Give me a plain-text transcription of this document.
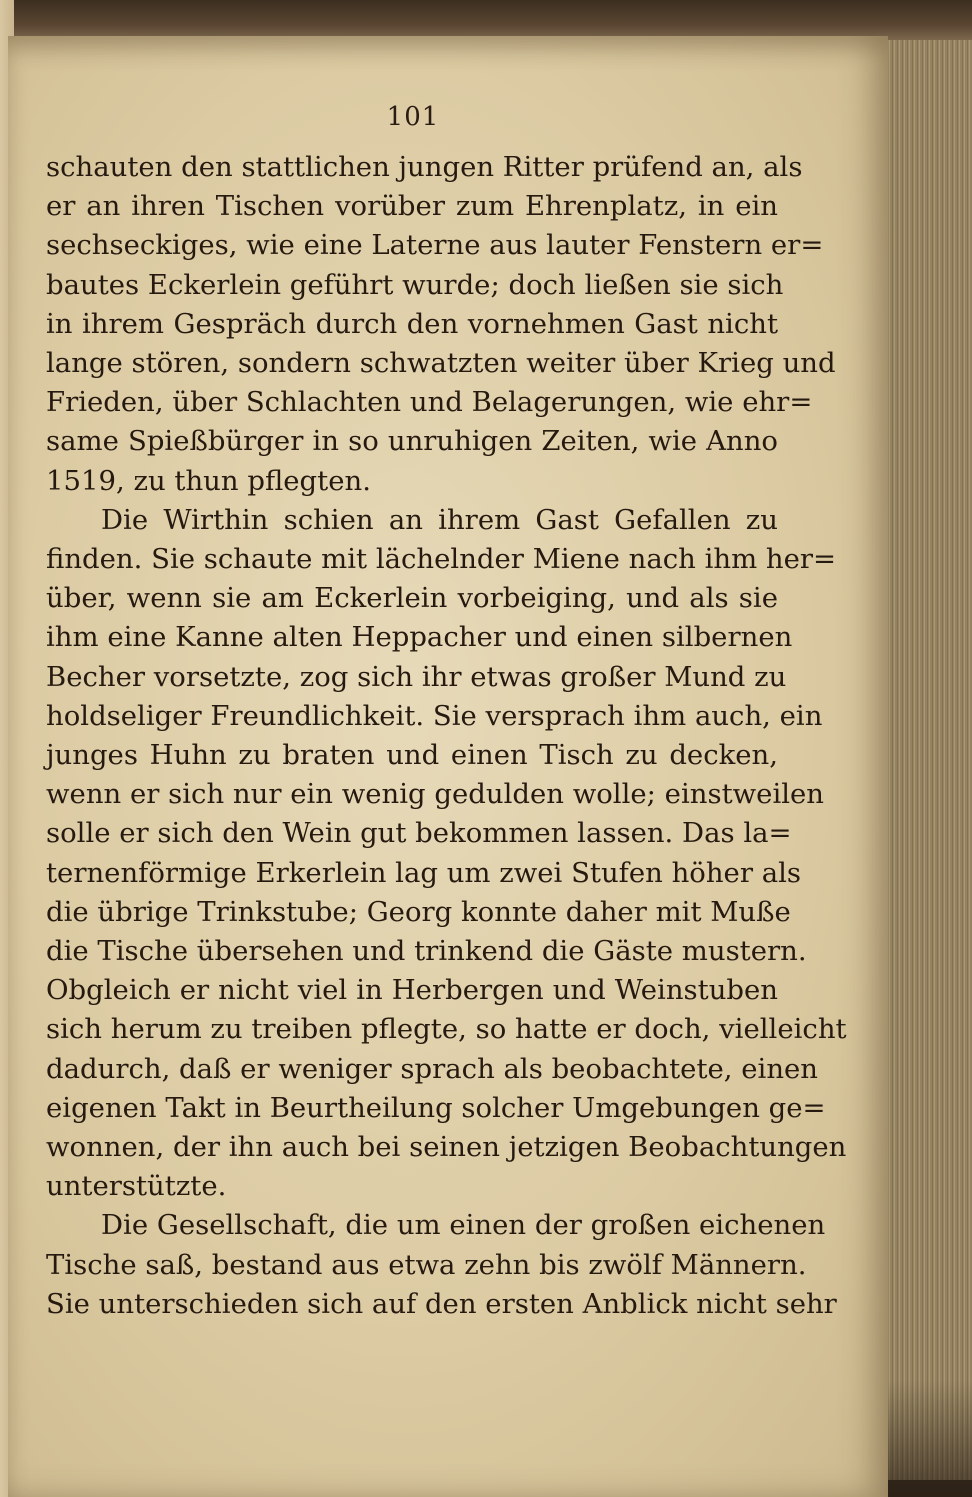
101
schauten den stattlichen jungen Ritter prüfend an, als
er an ihren Tischen vorüber zum Ehrenplatz, in ein
sechseckiges, wie eine Laterne aus lauter Fenstern er=
bautes Eckerlein geführt wurde; doch ließen sie sich
in ihrem Gespräch durch den vornehmen Gast nicht
lange stören, sondern schwatzten weiter über Krieg und
Frieden, über Schlachten und Belagerungen, wie ehr=
same Spießbürger in so unruhigen Zeiten, wie Anno
1519, zu thun pflegten.
Die Wirthin schien an ihrem Gast Gefallen zu
finden. Sie schaute mit lächelnder Miene nach ihm her=
über, wenn sie am Eckerlein vorbeiging, und als sie
ihm eine Kanne alten Heppacher und einen silbernen
Becher vorsetzte, zog sich ihr etwas großer Mund zu
holdseliger Freundlichkeit. Sie versprach ihm auch, ein
junges Huhn zu braten und einen Tisch zu decken,
wenn er sich nur ein wenig gedulden wolle; einstweilen
solle er sich den Wein gut bekommen lassen. Das la=
ternenförmige Erkerlein lag um zwei Stufen höher als
die übrige Trinkstube; Georg konnte daher mit Muße
die Tische übersehen und trinkend die Gäste mustern.
Obgleich er nicht viel in Herbergen und Weinstuben
sich herum zu treiben pflegte, so hatte er doch, vielleicht
dadurch, daß er weniger sprach als beobachtete, einen
eigenen Takt in Beurtheilung solcher Umgebungen ge=
wonnen, der ihn auch bei seinen jetzigen Beobachtungen
unterstützte.
Die Gesellschaft, die um einen der großen eichenen
Tische saß, bestand aus etwa zehn bis zwölf Männern.
Sie unterschieden sich auf den ersten Anblick nicht sehr
